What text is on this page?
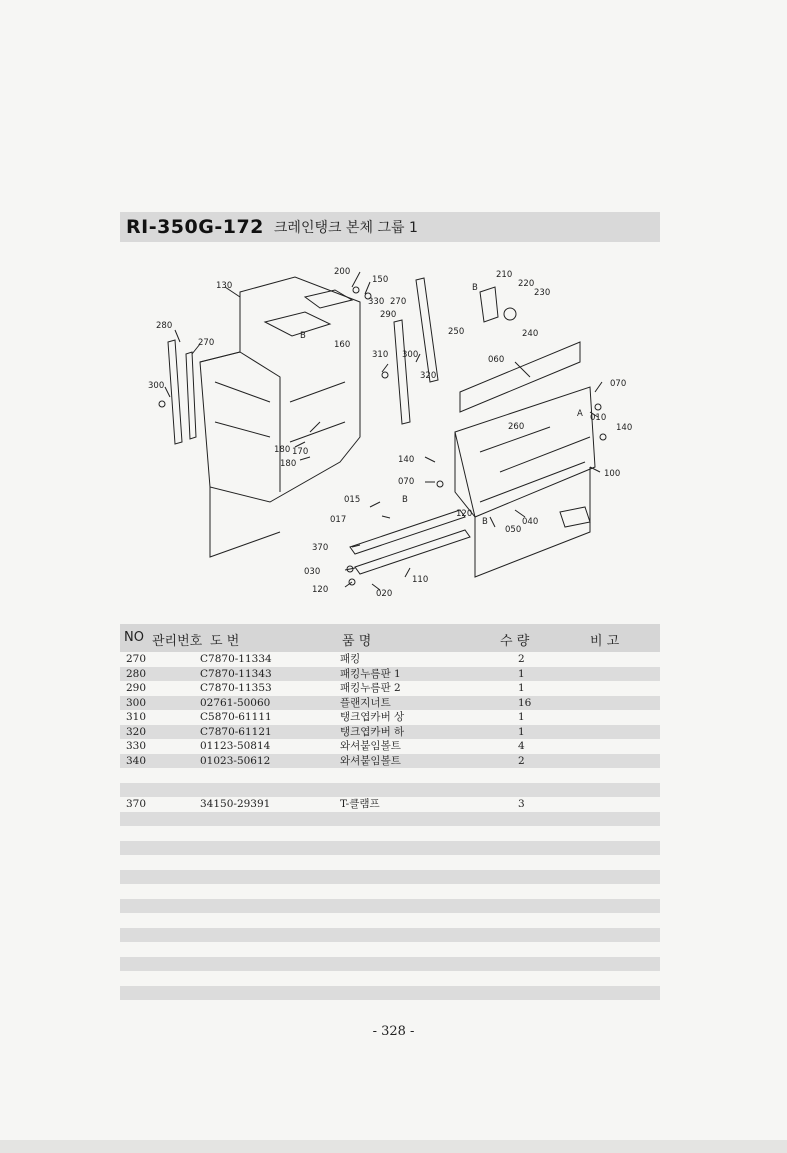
RI-350G-172 크레인탱크 본체 그룹 1
200
150
130
330 270
290
160
280
270
B
300
310 300
320
210
B	220
230
250	240
060
070
260
010
140
A
180 170
180	140
100
070
015	B
017
120
040
B
050
370
030
110
120	020
NO 관리번호 도 번	품 명	수 량	비 고
270	C7870-11334	패킹	2
280	C7870-11343	패킹누름판 1	1
290	C7870-11353	패킹누름판 2	1
300	02761-50060	플랜지너트	16
310	C5870-61111	탱크엽카버 상	1
320	C7870-61121	탱크엽카버 하	1
330	01123-50814	와셔붙임볼트	4
340	01023-50612	와셔붙임볼트	2
370	34150-29391	T-클램프	3
- 328 -
